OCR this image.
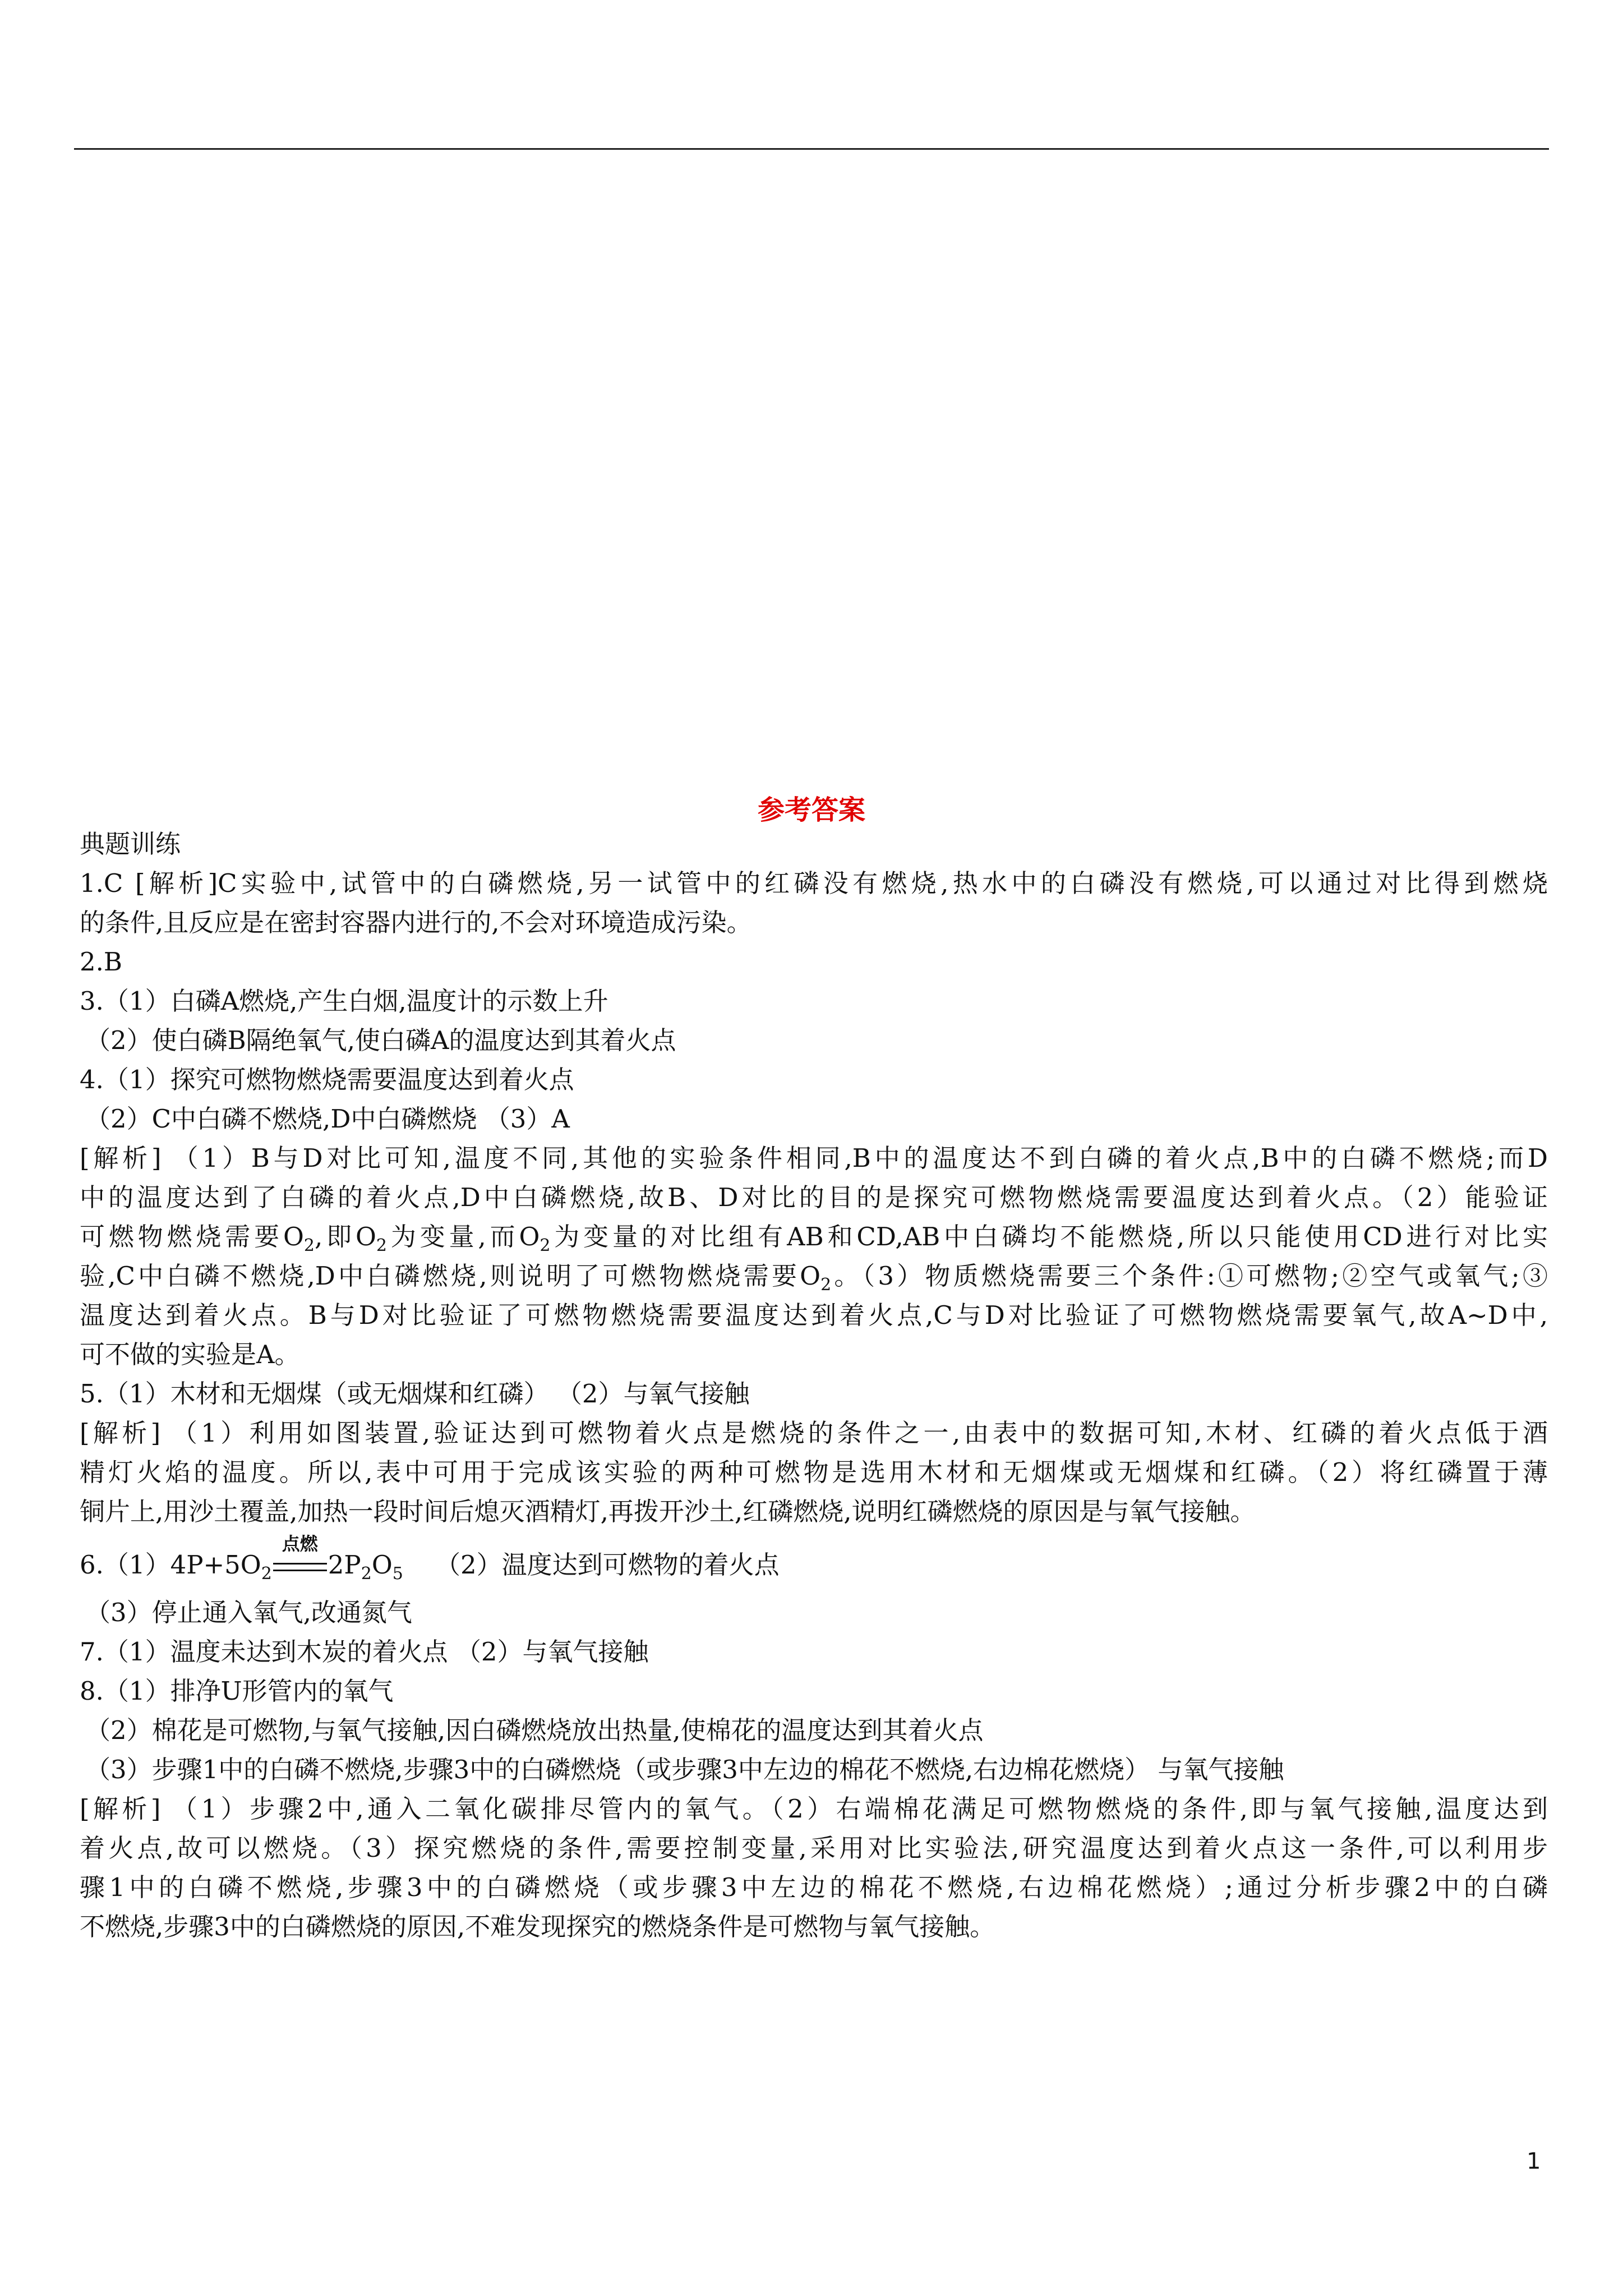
参考答案
典题训练
1.C [解析]C实验中,试管中的白磷燃烧,另一试管中的红磷没有燃烧,热水中的白磷没有燃烧,可以通过对比得到燃烧
的条件,且反应是在密封容器内进行的,不会对环境造成污染。
2.B
3.（1）白磷A燃烧,产生白烟,温度计的示数上升
（2）使白磷B隔绝氧气,使白磷A的温度达到其着火点
4.（1）探究可燃物燃烧需要温度达到着火点
（2）C中白磷不燃烧,D中白磷燃烧 （3）A
[解析] （1）B与D对比可知,温度不同,其他的实验条件相同,B中的温度达不到白磷的着火点,B中的白磷不燃烧;而D
中的温度达到了白磷的着火点,D中白磷燃烧,故B、D对比的目的是探究可燃物燃烧需要温度达到着火点。（2）能验证
可燃物燃烧需要$O_2$,即$O_2$为变量,而$O_2$为变量的对比组有AB和CD,AB中白磷均不能燃烧,所以只能使用CD进行对比实
验,C中白磷不燃烧,D中白磷燃烧,则说明了可燃物燃烧需要$O_2$。（3）物质燃烧需要三个条件:①可燃物;②空气或氧气;③
温度达到着火点。B与D对比验证了可燃物燃烧需要温度达到着火点,C与D对比验证了可燃物燃烧需要氧气,故A~D中,
可不做的实验是A。
5.（1）木材和无烟煤（或无烟煤和红磷） （2）与氧气接触
[解析] （1）利用如图装置,验证达到可燃物着火点是燃烧的条件之一,由表中的数据可知,木材、红磷的着火点低于酒
精灯火焰的温度。所以,表中可用于完成该实验的两种可燃物是选用木材和无烟煤或无烟煤和红磷。（2）将红磷置于薄
铜片上,用沙土覆盖,加热一段时间后熄灭酒精灯,再拨开沙土,红磷燃烧,说明红磷燃烧的原因是与氧气接触。
$6.(1)4P+5O_2$
点燃
$2P_2O_5$ （2）温度达到可燃物的着火点
（3）停止通入氧气,改通氮气
7.（1）温度未达到木炭的着火点 （2）与氧气接触
8.（1）排净U形管内的氧气
（2）棉花是可燃物,与氧气接触,因白磷燃烧放出热量,使棉花的温度达到其着火点
（3）步骤1中的白磷不燃烧,步骤3中的白磷燃烧（或步骤3中左边的棉花不燃烧,右边棉花燃烧） 与氧气接触
[解析] （1）步骤2中,通入二氧化碳排尽管内的氧气。（2）右端棉花满足可燃物燃烧的条件,即与氧气接触,温度达到
着火点,故可以燃烧。（3）探究燃烧的条件,需要控制变量,采用对比实验法,研究温度达到着火点这一条件,可以利用步
骤1中的白磷不燃烧,步骤3中的白磷燃烧（或步骤3中左边的棉花不燃烧,右边棉花燃烧）;通过分析步骤2中的白磷
不燃烧,步骤3中的白磷燃烧的原因,不难发现探究的燃烧条件是可燃物与氧气接触。
1
